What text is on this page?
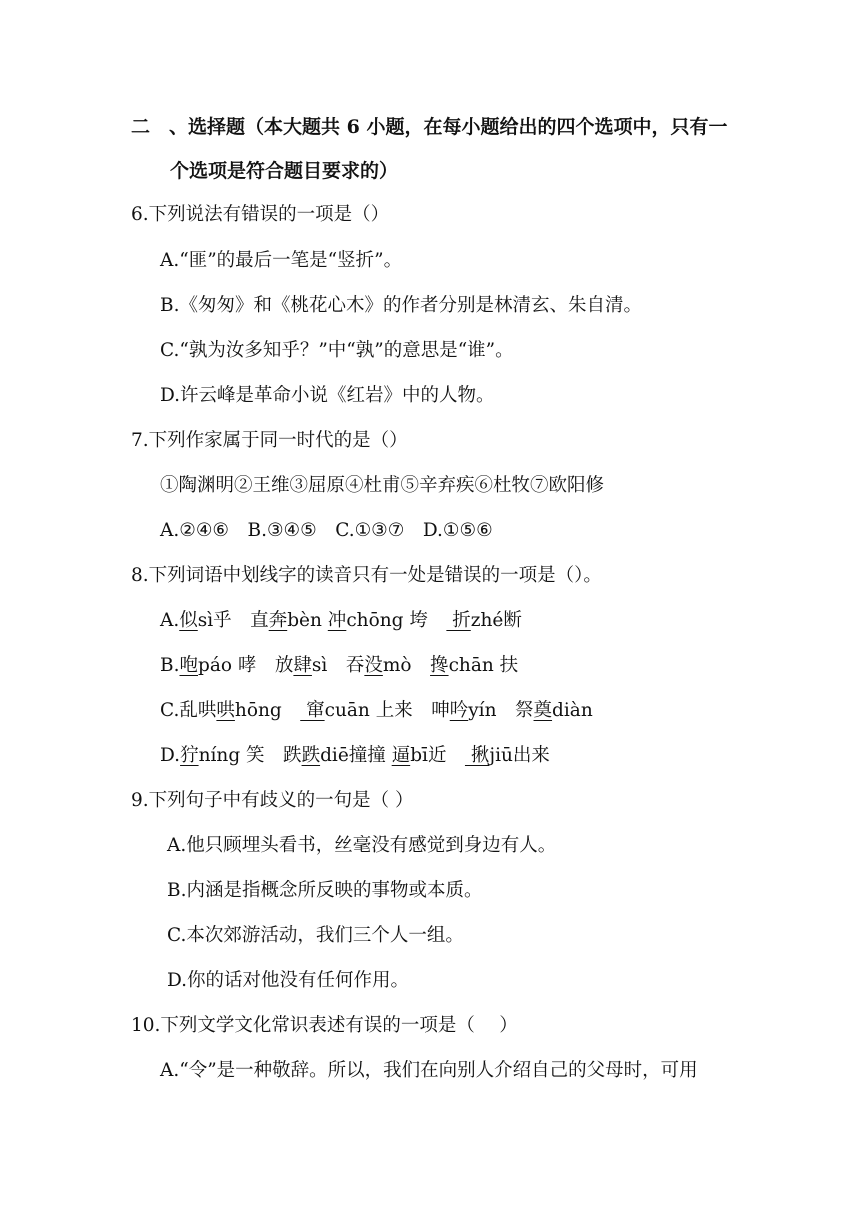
二　、选择题（本大题共 6 小题，在每小题给出的四个选项中，只有一
个选项是符合题目要求的）
6.下列说法有错误的一项是（）
A.“匪”的最后一笔是“竖折”。
B.《匆匆》和《桃花心木》的作者分别是林清玄、朱自清。
C.“孰为汝多知乎？”中“孰”的意思是“谁”。
D.许云峰是革命小说《红岩》中的人物。
7.下列作家属于同一时代的是（）
①陶渊明②王维③屈原④杜甫⑤辛弃疾⑥杜牧⑦欧阳修
A.②④⑥　B.③④⑤　C.①③⑦　D.①⑤⑥
8.下列词语中划线字的读音只有一处是错误的一项是（）。
A.似sì乎　直奔bèn 冲chōng 垮　 折zhé断
B.咆páo 哮　放肆sì　吞没mò　搀chān 扶
C.乱哄哄hōng　 窜cuān 上来　呻吟yín　祭奠diàn
D.狞níng 笑　跌跌diē撞撞 逼bī近　 揪jiū出来
9.下列句子中有歧义的一句是（ ）
A.他只顾埋头看书，丝毫没有感觉到身边有人。
B.内涵是指概念所反映的事物或本质。
C.本次郊游活动，我们三个人一组。
D.你的话对他没有任何作用。
10.下列文学文化常识表述有误的一项是（　 ）
A.“令”是一种敬辞。所以，我们在向别人介绍自己的父母时，可用
